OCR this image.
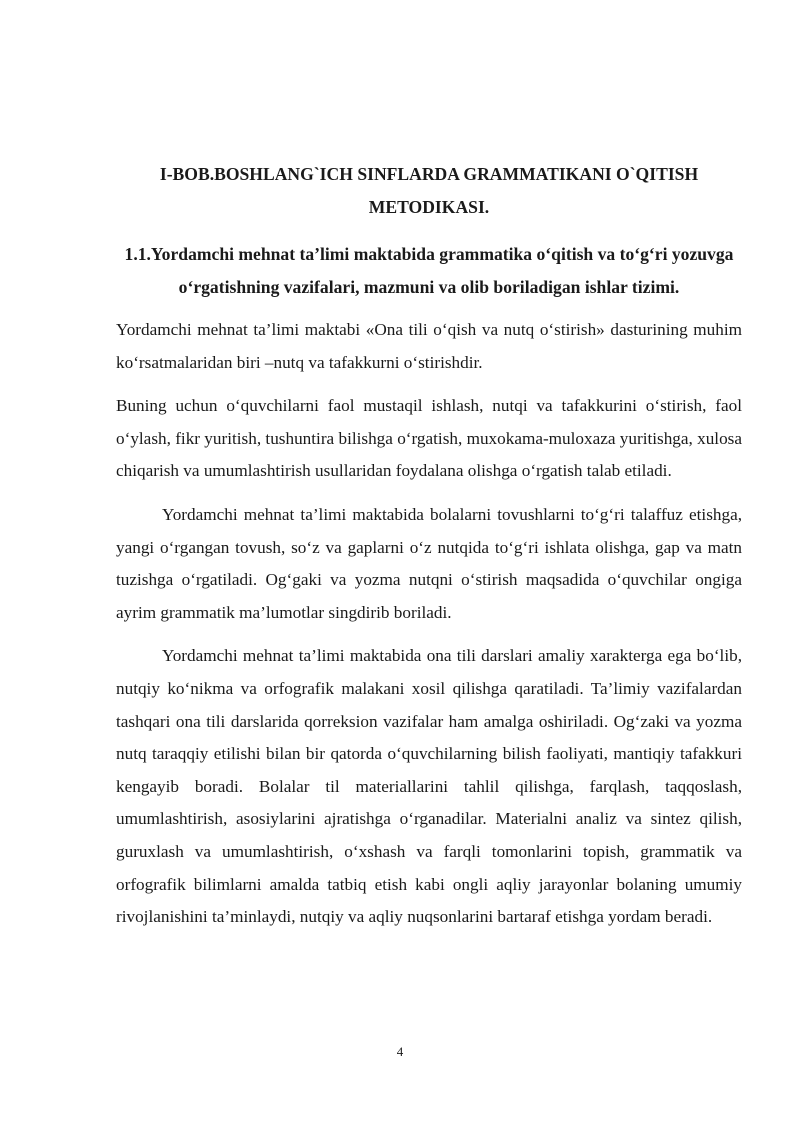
I-BOB.BOSHLANG`ICH SINFLARDA GRAMMATIKANI O`QITISH METODIKASI.
1.1.Yordamchi mehnat ta’limi maktabida grammatika oʻqitish va toʻgʻri yozuvga oʻrgatishning vazifalari, mazmuni va olib boriladigan ishlar tizimi.

Yordamchi mehnat ta’limi maktabi «Ona tili oʻqish va nutq oʻstirish» dasturining muhim koʻrsatmalaridan biri –nutq va tafakkurni oʻstirishdir.

Buning uchun oʻquvchilarni faol mustaqil ishlash, nutqi va tafakkurini oʻstirish, faol oʻylash, fikr yuritish, tushuntira bilishga oʻrgatish, muxokama-muloxaza yuritishga, xulosa chiqarish va umumlashtirish usullaridan foydalana olishga oʻrgatish talab etiladi.

Yordamchi mehnat ta’limi maktabida bolalarni tovushlarni toʻgʻri talaffuz etishga, yangi oʻrgangan tovush, soʻz va gaplarni oʻz nutqida toʻgʻri ishlata olishga, gap va matn tuzishga oʻrgatiladi. Ogʻgaki va yozma nutqni oʻstirish maqsadida oʻquvchilar ongiga ayrim grammatik ma’lumotlar singdirib boriladi.

Yordamchi mehnat ta’limi maktabida ona tili darslari amaliy xarakterga ega boʻlib, nutqiy koʻnikma va orfografik malakani xosil qilishga qaratiladi. Ta’limiy vazifalardan tashqari ona tili darslarida qorreksion vazifalar ham amalga oshiriladi. Ogʻzaki va yozma nutq taraqqiy etilishi bilan bir qatorda oʻquvchilarning bilish faoliyati, mantiqiy tafakkuri kengayib boradi. Bolalar til materiallarini tahlil qilishga, farqlash, taqqoslash, umumlashtirish, asosiylarini ajratishga oʻrganadilar. Materialni analiz va sintez qilish, guruxlash va umumlashtirish, oʻxshash va farqli tomonlarini topish, grammatik va orfografik bilimlarni amalda tatbiq etish kabi ongli aqliy jarayonlar bolaning umumiy rivojlanishini ta’minlaydi, nutqiy va aqliy nuqsonlarini bartaraf etishga yordam beradi.

4
